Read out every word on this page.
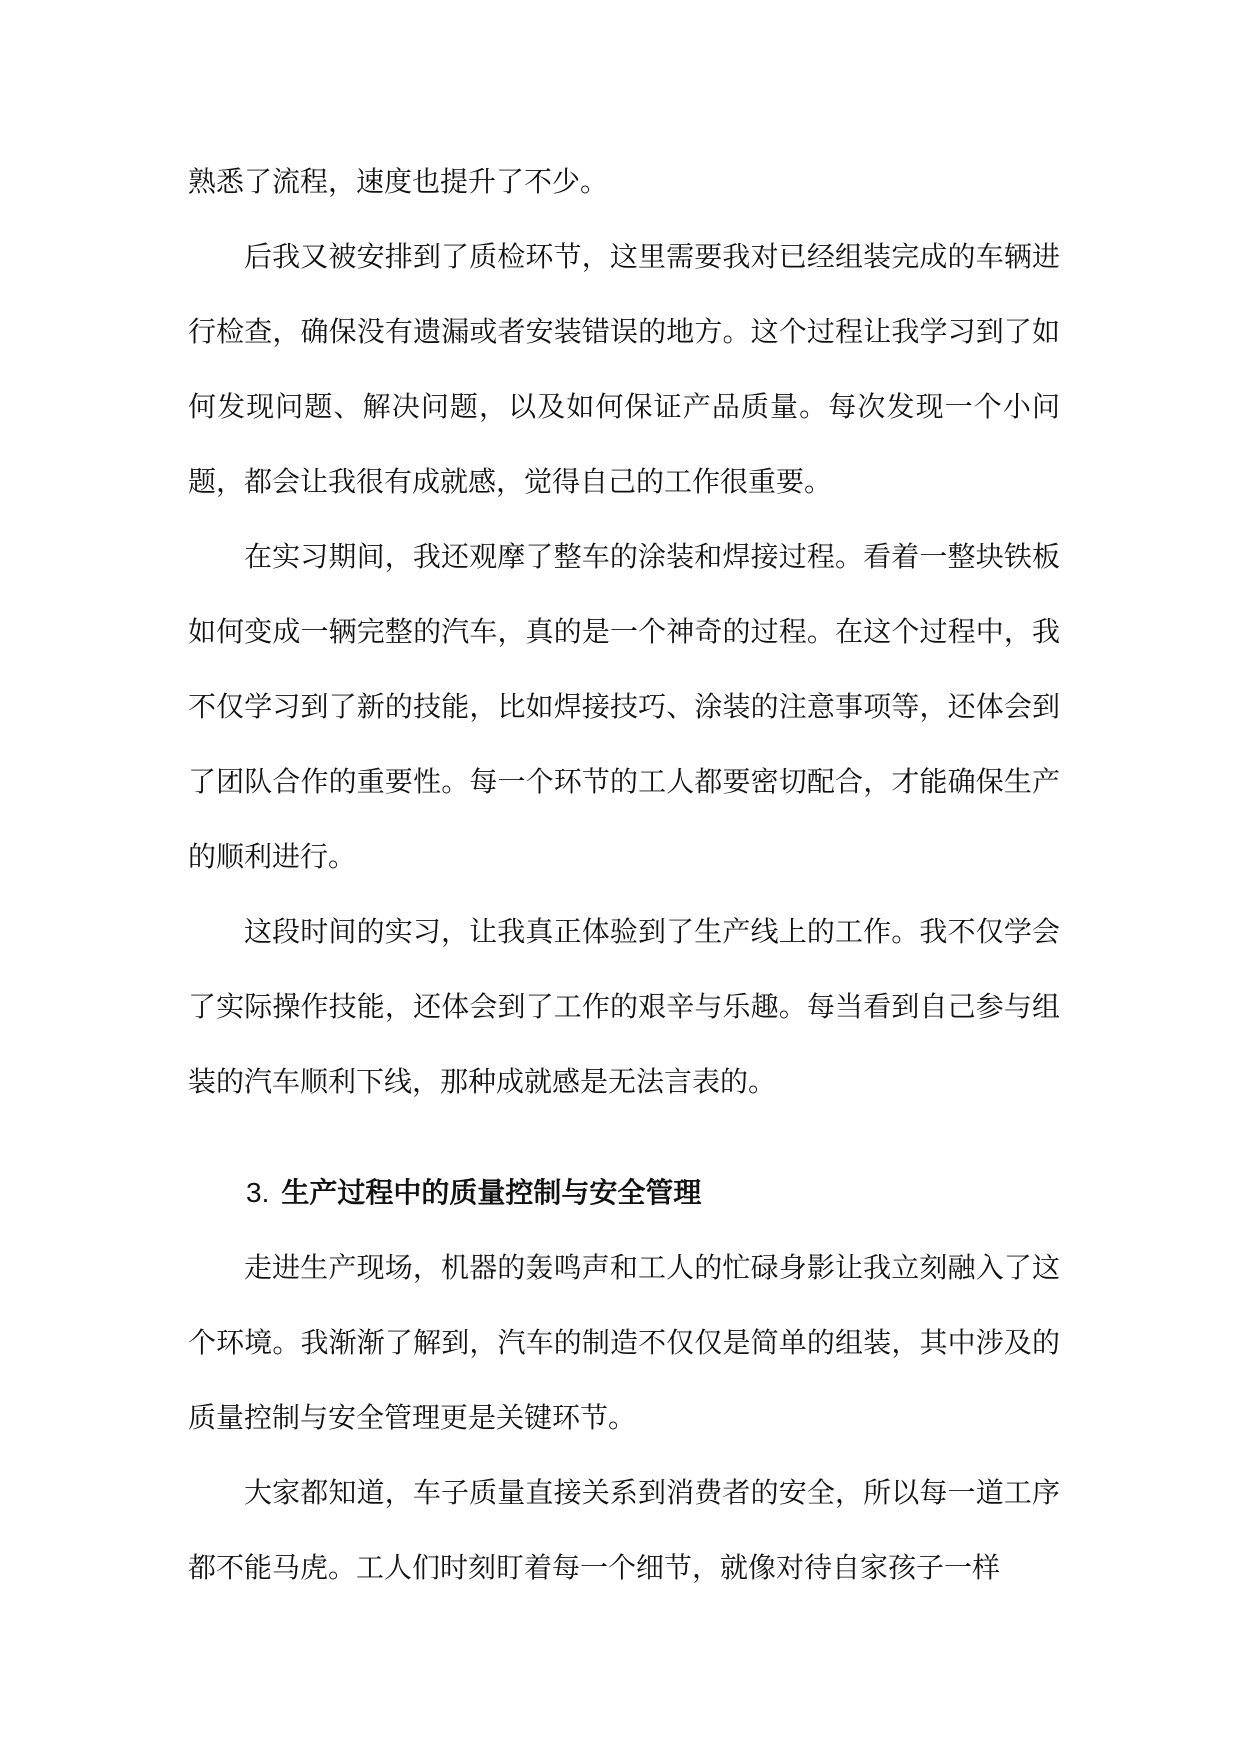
熟悉了流程，速度也提升了不少。

后我又被安排到了质检环节，这里需要我对已经组装完成的车辆进行检查，确保没有遗漏或者安装错误的地方。这个过程让我学习到了如何发现问题、解决问题，以及如何保证产品质量。每次发现一个小问题，都会让我很有成就感，觉得自己的工作很重要。

在实习期间，我还观摩了整车的涂装和焊接过程。看着一整块铁板如何变成一辆完整的汽车，真的是一个神奇的过程。在这个过程中，我不仅学习到了新的技能，比如焊接技巧、涂装的注意事项等，还体会到了团队合作的重要性。每一个环节的工人都要密切配合，才能确保生产的顺利进行。

这段时间的实习，让我真正体验到了生产线上的工作。我不仅学会了实际操作技能，还体会到了工作的艰辛与乐趣。每当看到自己参与组装的汽车顺利下线，那种成就感是无法言表的。

3. 生产过程中的质量控制与安全管理

走进生产现场，机器的轰鸣声和工人的忙碌身影让我立刻融入了这个环境。我渐渐了解到，汽车的制造不仅仅是简单的组装，其中涉及的质量控制与安全管理更是关键环节。

大家都知道，车子质量直接关系到消费者的安全，所以每一道工序都不能马虎。工人们时刻盯着每一个细节，就像对待自家孩子一样
